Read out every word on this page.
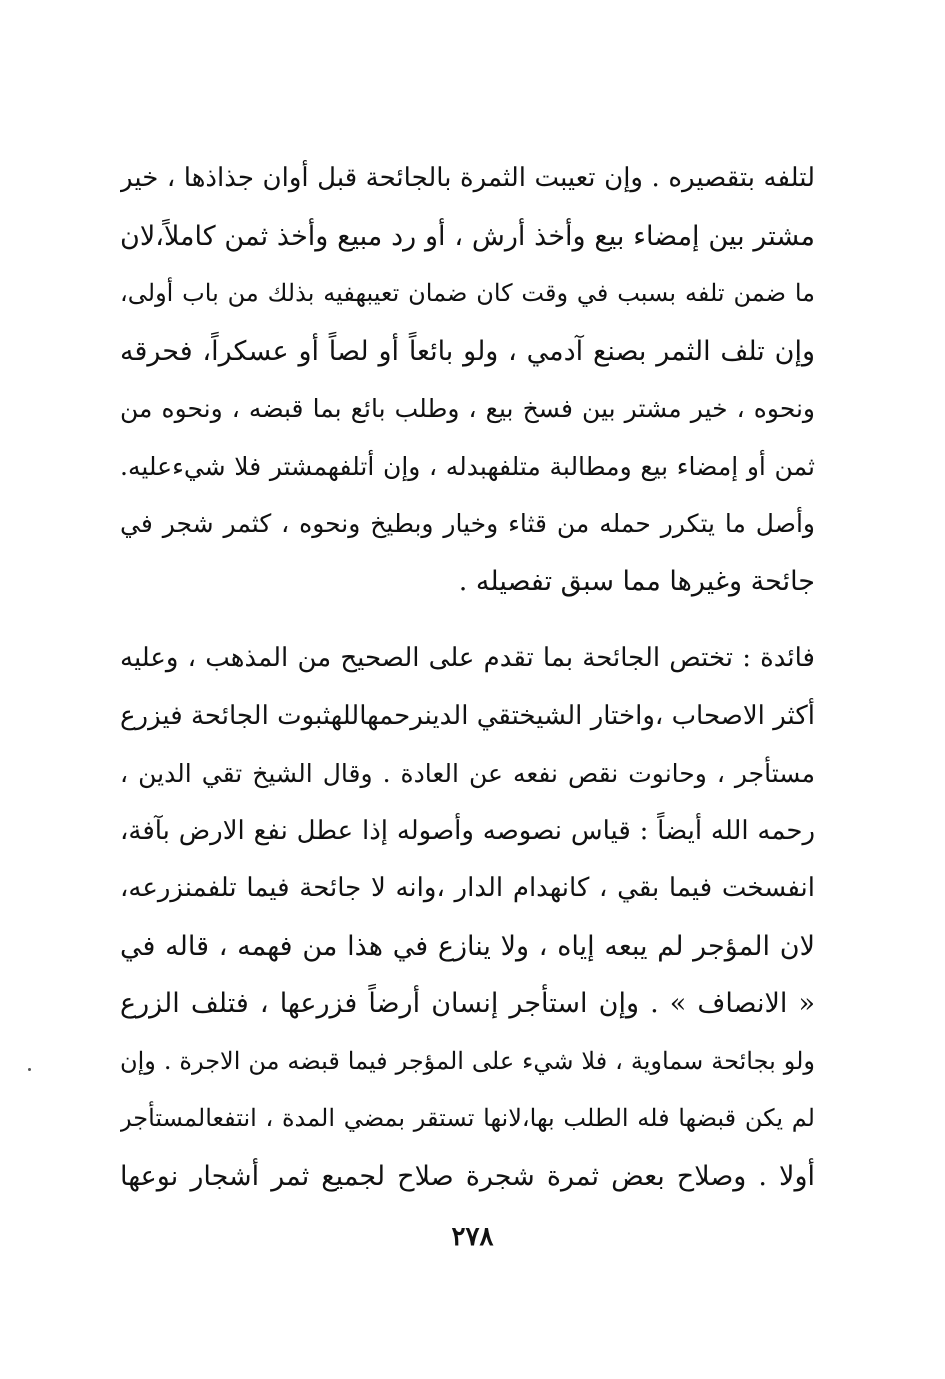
لتلفه بتقصيره . وإن تعيبت الثمرة بالجائحة قبل أوان جذاذها ، خير
مشتر بين إمضاء بيع وأخذ أرش ، أو رد مبيع وأخذ ثمن كاملاً،لان
ما ضمن تلفه بسبب في وقت كان ضمان تعيبهفيه بذلك من باب أولى،
وإن تلف الثمر بصنع آدمي ، ولو بائعاً أو لصاً أو عسكراً، فحرقه
ونحوه ، خير مشتر بين فسخ بيع ، وطلب بائع بما قبضه ، ونحوه من
ثمن أو إمضاء بيع ومطالبة متلفهبدله ، وإن أتلفهمشتر فلا شيءعليه.
وأصل ما يتكرر حمله من قثاء وخيار وبطيخ ونحوه ، كثمر شجر في
جائحة وغيرها مما سبق تفصيله .
فائدة : تختص الجائحة بما تقدم على الصحيح من المذهب ، وعليه
أكثر الاصحاب ،واختار الشيختقي الدينرحمهاللهثبوت الجائحة فيزرع
مستأجر ، وحانوت نقص نفعه عن العادة . وقال الشيخ تقي الدين ،
رحمه الله أيضاً : قياس نصوصه وأصوله إذا عطل نفع الارض بآفة،
انفسخت فيما بقي ، كانهدام الدار ،وانه لا جائحة فيما تلفمنزرعه،
لان المؤجر لم يبعه إياه ، ولا ينازع في هذا من فهمه ، قاله في
« الانصاف » . وإن استأجر إنسان أرضاً فزرعها ، فتلف الزرع
ولو بجائحة سماوية ، فلا شيء على المؤجر فيما قبضه من الاجرة . وإن
لم يكن قبضها فله الطلب بها،لانها تستقر بمضي المدة ، انتفعالمستأجر
أولا . وصلاح بعض ثمرة شجرة صلاح لجميع ثمر أشجار نوعها
٢٧٨
